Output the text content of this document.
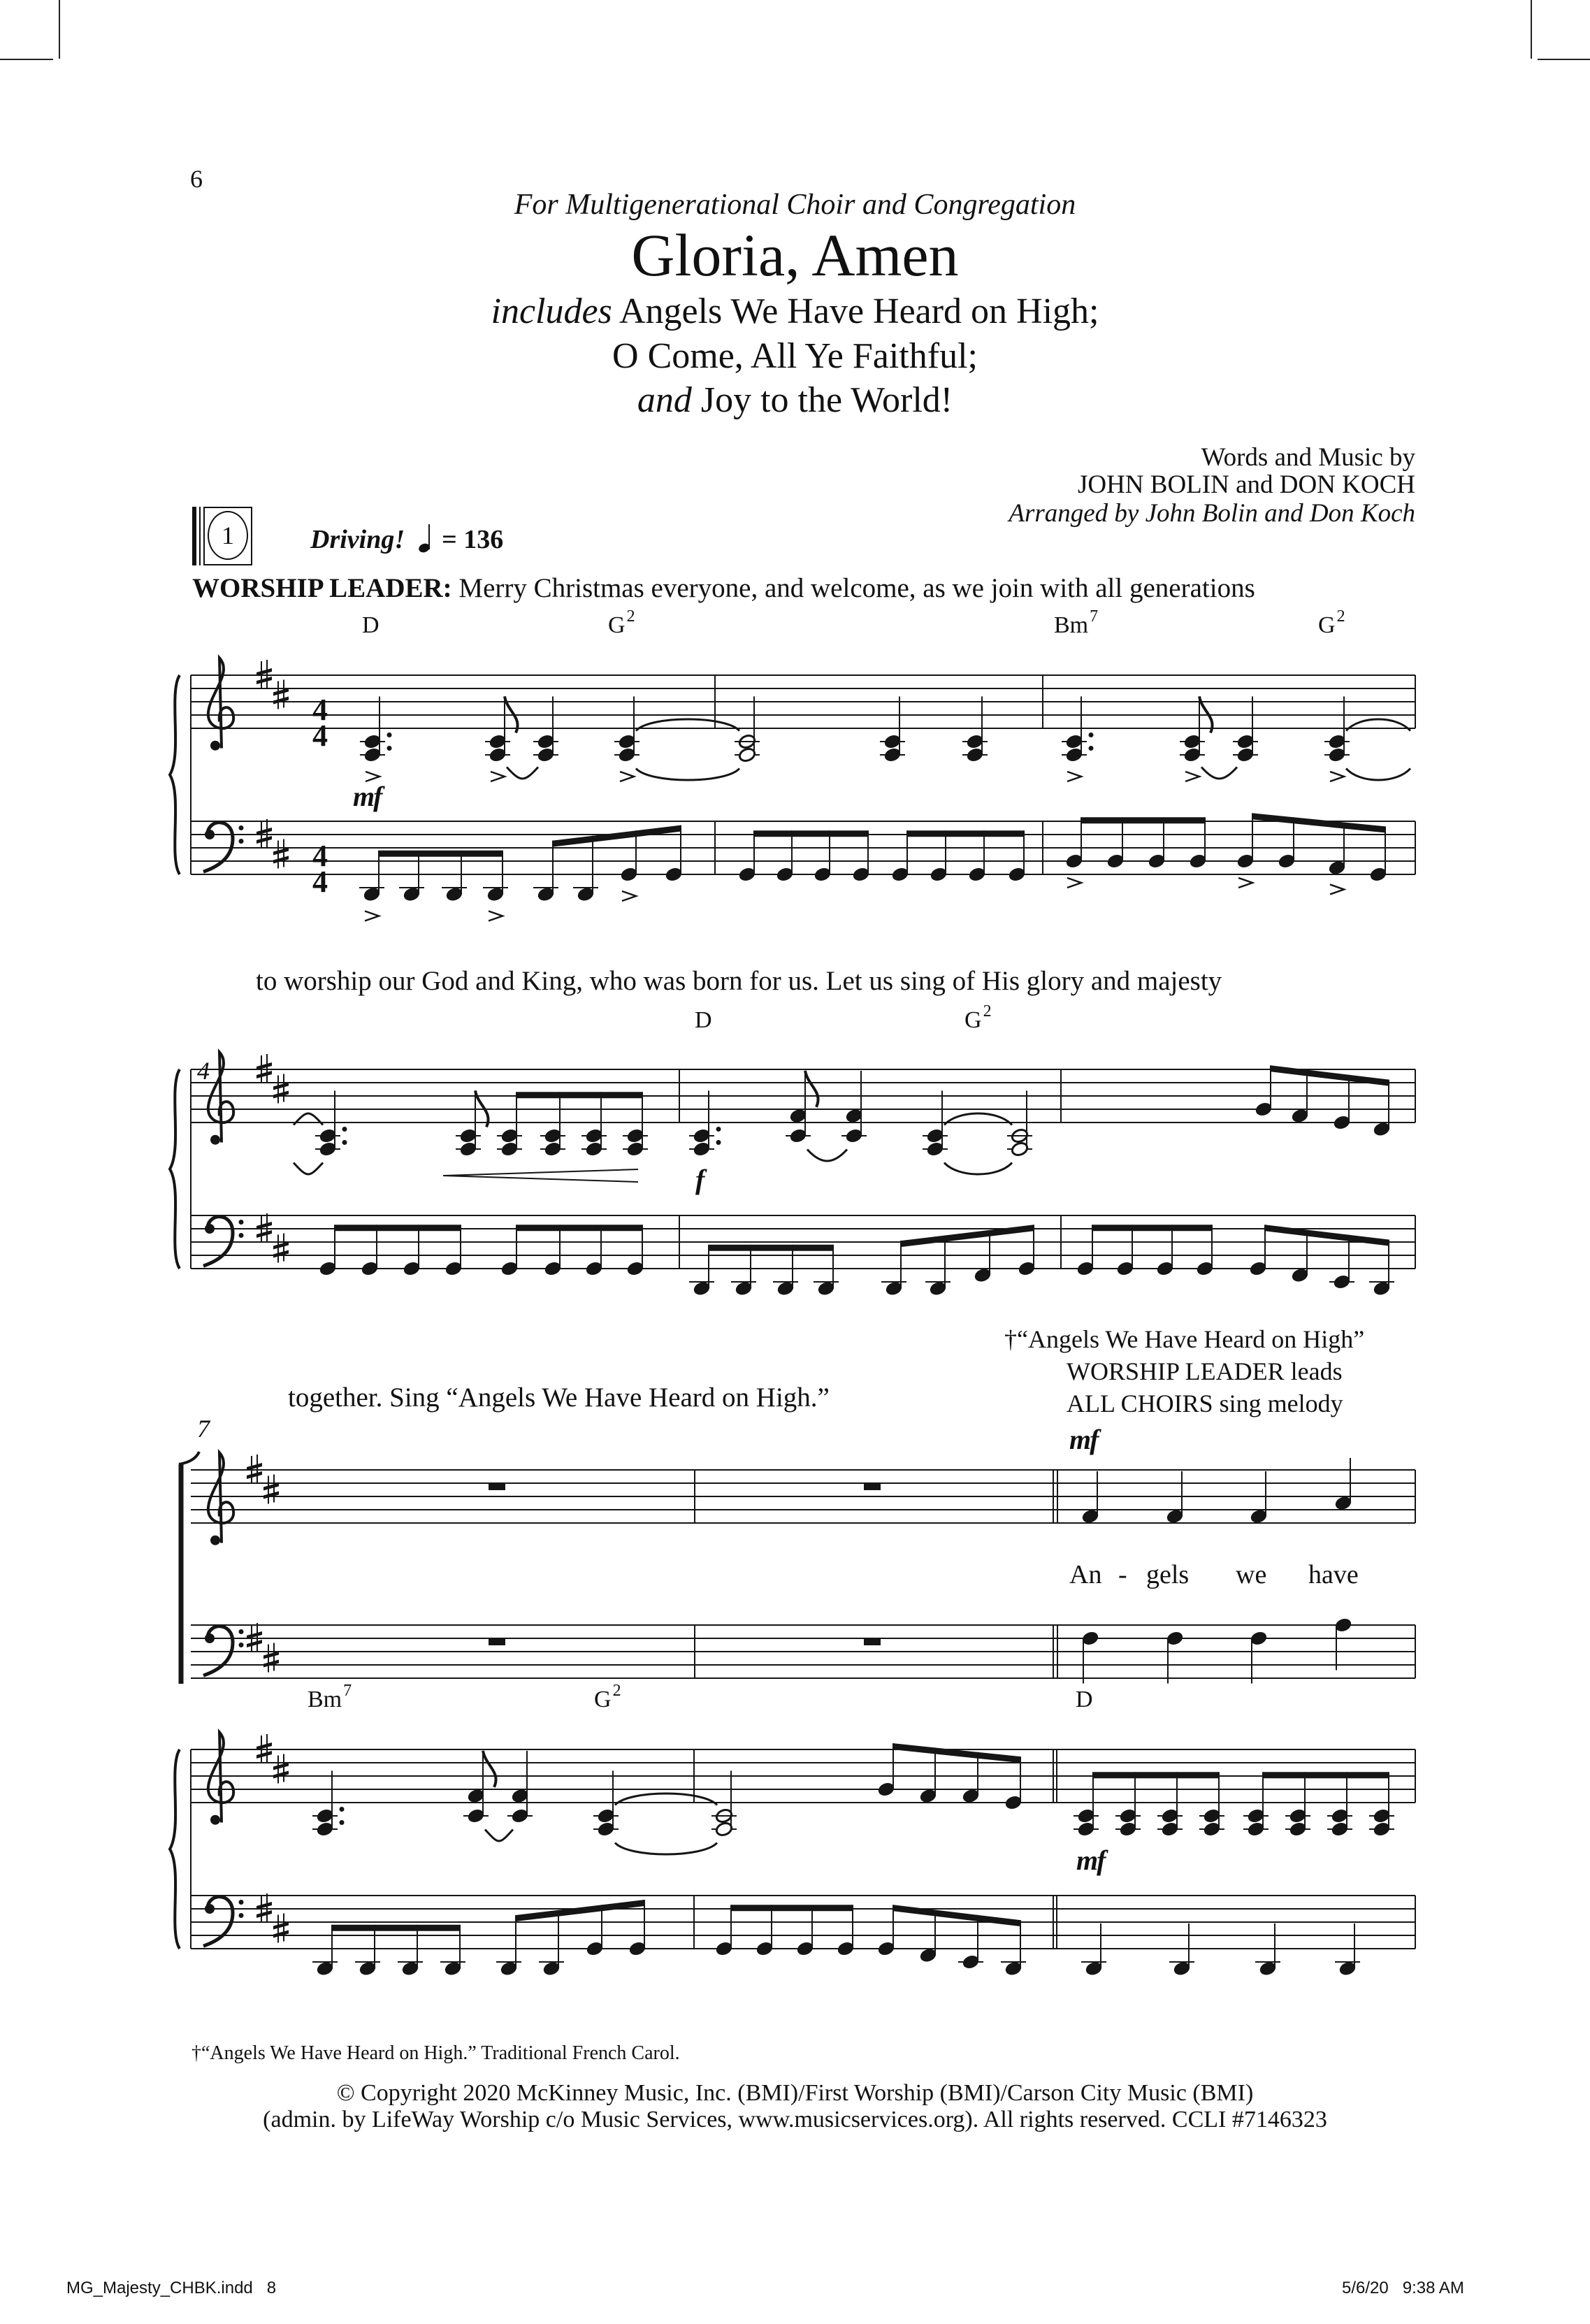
6
For Multigenerational Choir and Congregation
Gloria, Amen
includes Angels We Have Heard on High;
O Come, All Ye Faithful;
and Joy to the World!
Words and Music by
JOHN BOLIN and DON KOCH
Arranged by John Bolin and Don Koch
1	Driving! = 136
WORSHIP LEADER: Merry Christmas everyone, and welcome, as we join with all generations
to worship our God and King, who was born for us. Let us sing of His glory and majesty
together. Sing “Angels We Have Heard on High.”
D	$G^2$	Bm$^7$	$G^2$
D	$G^2$
Bm$^7$	$G^2$	D
4
7
4
4
4
4
mf
f
mf
mf
†“Angels We Have Heard on High”
WORSHIP LEADER leads
ALL CHOIRS sing melody
An - gels we have
†“Angels We Have Heard on High.” Traditional French Carol.
© Copyright 2020 McKinney Music, Inc. (BMI)/First Worship (BMI)/Carson City Music (BMI)
(admin. by LifeWay Worship c/o Music Services, www.musicservices.org). All rights reserved. CCLI #7146323
MG_Majesty_CHBK.indd 8	5/6/20 9:38 AM
